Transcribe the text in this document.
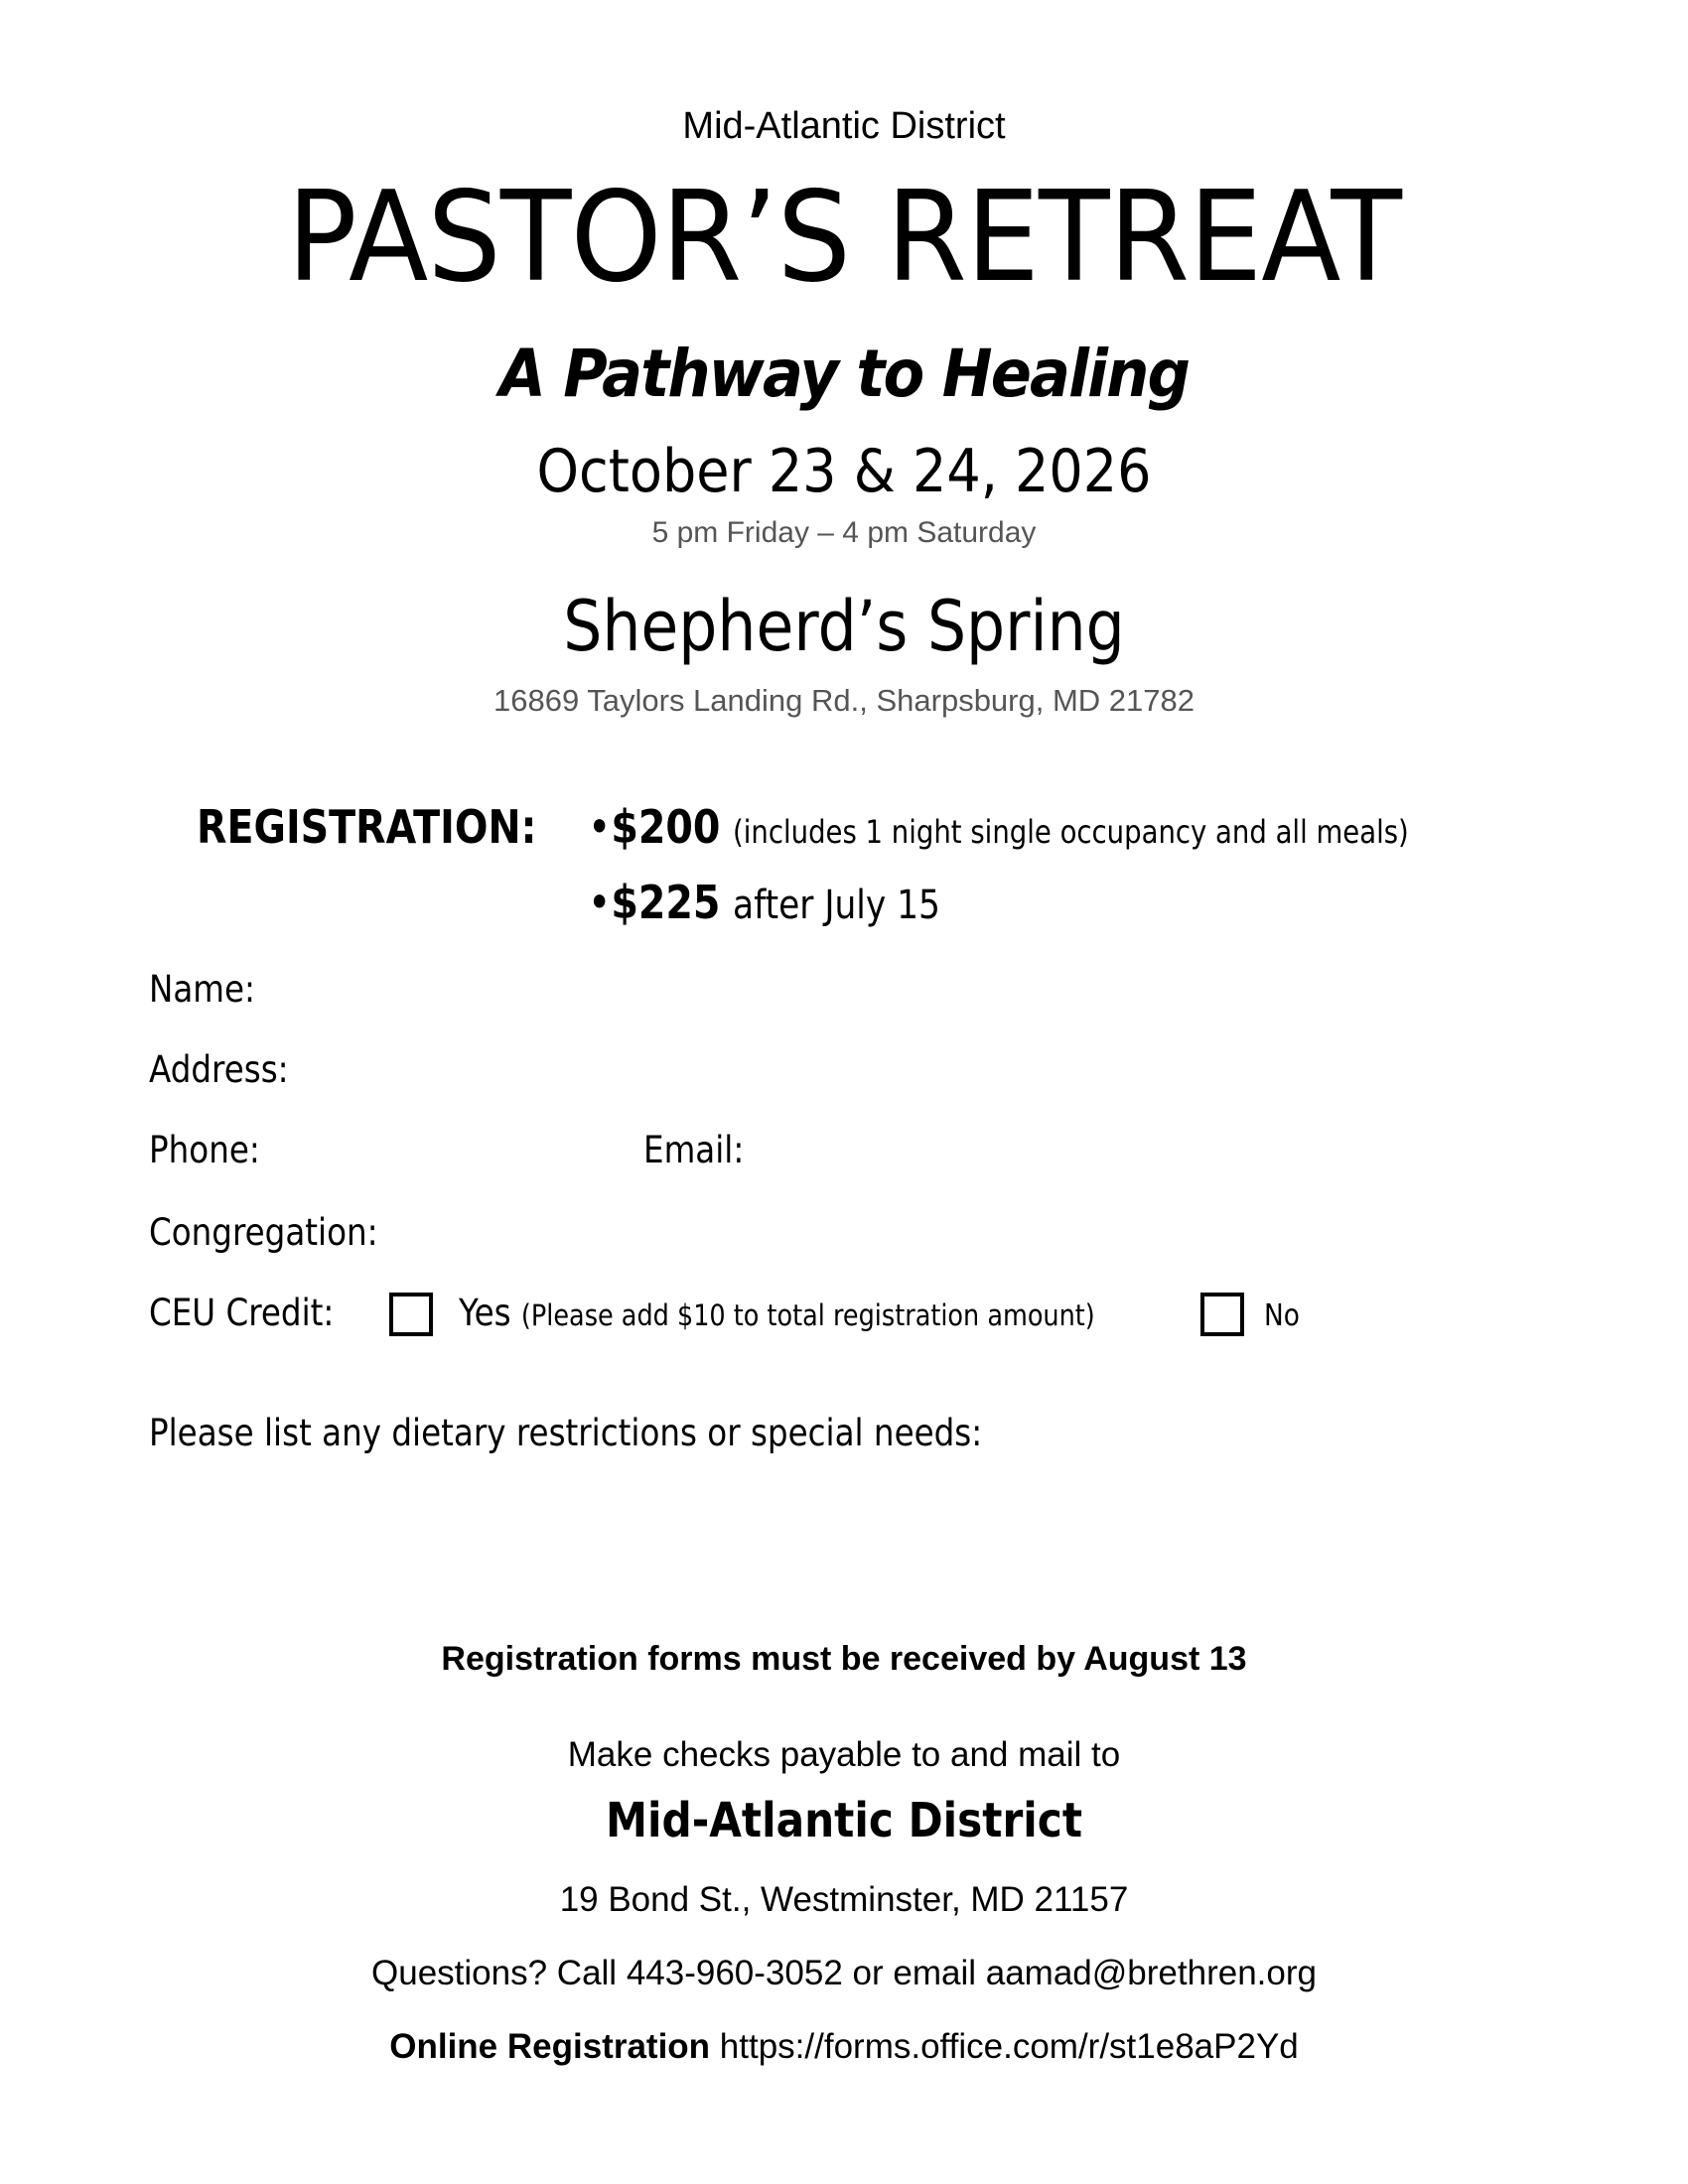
Mid-Atlantic District
PASTOR’S RETREAT
A Pathway to Healing
October 23 & 24, 2026
5 pm Friday – 4 pm Saturday
Shepherd’s Spring
16869 Taylors Landing Rd., Sharpsburg, MD 21782
REGISTRATION: •$200 (includes 1 night single occupancy and all meals)
•$225 after July 15
Name:
Address:
Phone:	Email:
Congregation:
CEU Credit:	Yes (Please add $10 to total registration amount)	No
Please list any dietary restrictions or special needs:
Registration forms must be received by August 13
Make checks payable to and mail to
Mid-Atlantic District
19 Bond St., Westminster, MD 21157
Questions? Call 443-960-3052 or email aamad@brethren.org
Online Registration https://forms.office.com/r/st1e8aP2Yd
